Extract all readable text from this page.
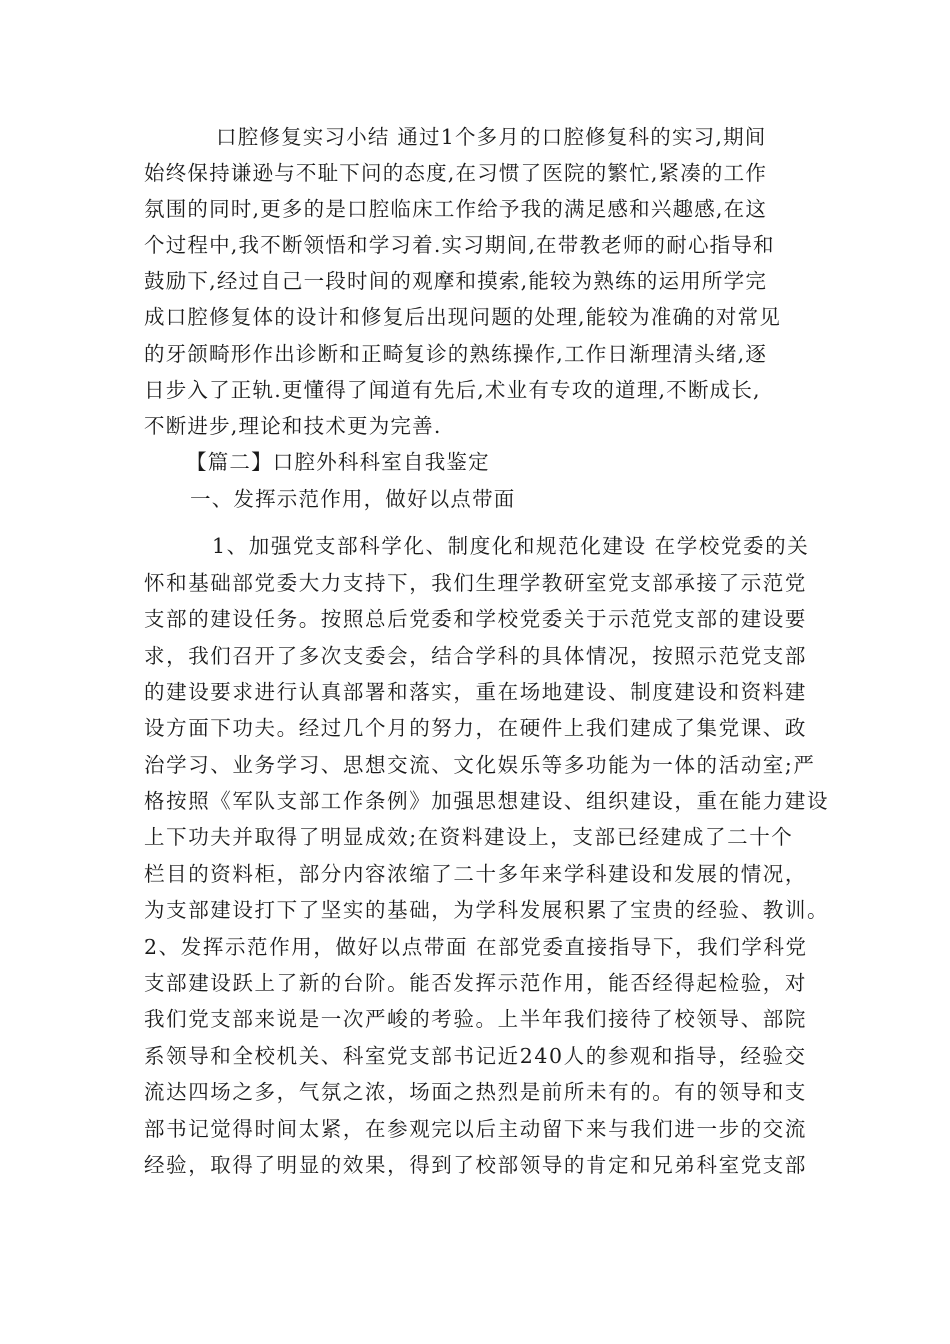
口腔修复实习小结 通过1个多月的口腔修复科的实习,期间
始终保持谦逊与不耻下问的态度,在习惯了医院的繁忙,紧凑的工作
氛围的同时,更多的是口腔临床工作给予我的满足感和兴趣感,在这
个过程中,我不断领悟和学习着.实习期间,在带教老师的耐心指导和
鼓励下,经过自己一段时间的观摩和摸索,能较为熟练的运用所学完
成口腔修复体的设计和修复后出现问题的处理,能较为准确的对常见
的牙颌畸形作出诊断和正畸复诊的熟练操作,工作日渐理清头绪,逐
日步入了正轨.更懂得了闻道有先后,术业有专攻的道理,不断成长,
不断进步,理论和技术更为完善.
【篇二】口腔外科科室自我鉴定
一、发挥示范作用，做好以点带面
1、加强党支部科学化、制度化和规范化建设 在学校党委的关
怀和基础部党委大力支持下，我们生理学教研室党支部承接了示范党
支部的建设任务。按照总后党委和学校党委关于示范党支部的建设要
求，我们召开了多次支委会，结合学科的具体情况，按照示范党支部
的建设要求进行认真部署和落实，重在场地建设、制度建设和资料建
设方面下功夫。经过几个月的努力，在硬件上我们建成了集党课、政
治学习、业务学习、思想交流、文化娱乐等多功能为一体的活动室;严
格按照《军队支部工作条例》加强思想建设、组织建设，重在能力建设
上下功夫并取得了明显成效;在资料建设上，支部已经建成了二十个
栏目的资料柜，部分内容浓缩了二十多年来学科建设和发展的情况，
为支部建设打下了坚实的基础，为学科发展积累了宝贵的经验、教训。
2、发挥示范作用，做好以点带面 在部党委直接指导下，我们学科党
支部建设跃上了新的台阶。能否发挥示范作用，能否经得起检验，对
我们党支部来说是一次严峻的考验。上半年我们接待了校领导、部院
系领导和全校机关、科室党支部书记近240人的参观和指导，经验交
流达四场之多，气氛之浓，场面之热烈是前所未有的。有的领导和支
部书记觉得时间太紧，在参观完以后主动留下来与我们进一步的交流
经验，取得了明显的效果，得到了校部领导的肯定和兄弟科室党支部
